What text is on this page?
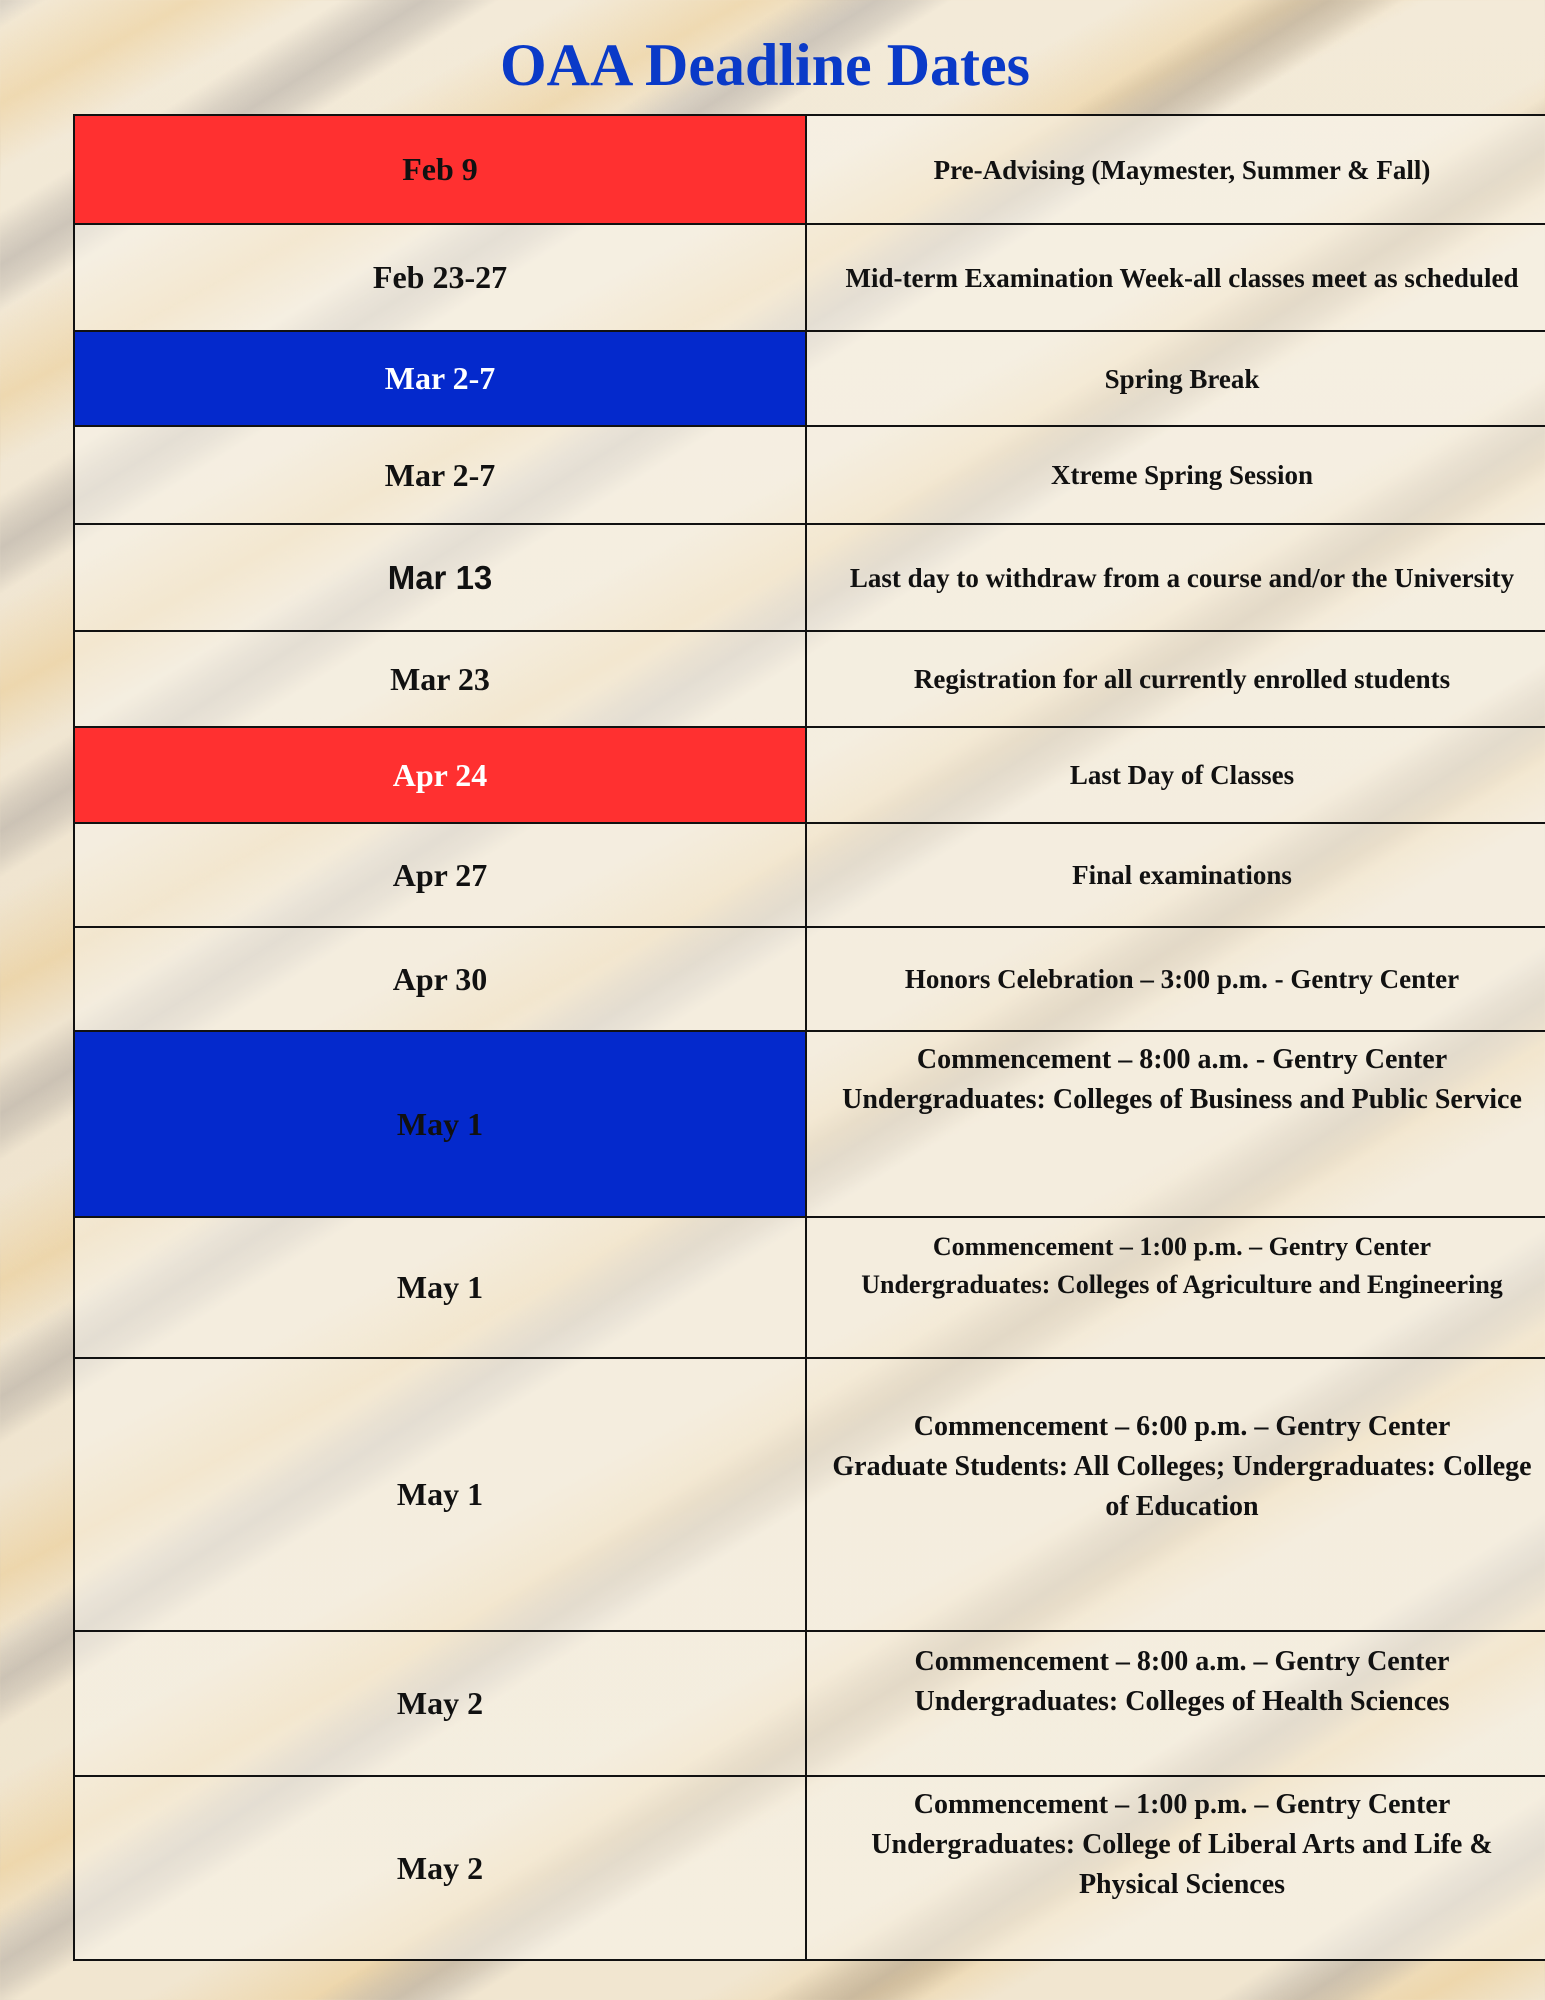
OAA Deadline Dates
Feb 9	Pre-Advising (Maymester, Summer & Fall)

Feb 23-27	Mid-term Examination Week-all classes meet as scheduled

Mar 2-7	Spring Break

Mar 2-7	Xtreme Spring Session

Mar 13	Last day to withdraw from a course and/or the University

Mar 23	Registration for all currently enrolled students

Apr 24	Last Day of Classes

Apr 27	Final examinations

Apr 30	Honors Celebration – 3:00 p.m. - Gentry Center

May 1	Commencement – 8:00 a.m. - Gentry Center
Undergraduates: Colleges of Business and Public Service

May 1	Commencement – 1:00 p.m. – Gentry Center
Undergraduates: Colleges of Agriculture and Engineering

May 1	Commencement – 6:00 p.m. – Gentry Center
Graduate Students: All Colleges; Undergraduates: College of Education

May 2	Commencement – 8:00 a.m. – Gentry Center
Undergraduates: Colleges of Health Sciences

May 2	Commencement – 1:00 p.m. – Gentry Center
Undergraduates: College of Liberal Arts and Life & Physical Sciences
